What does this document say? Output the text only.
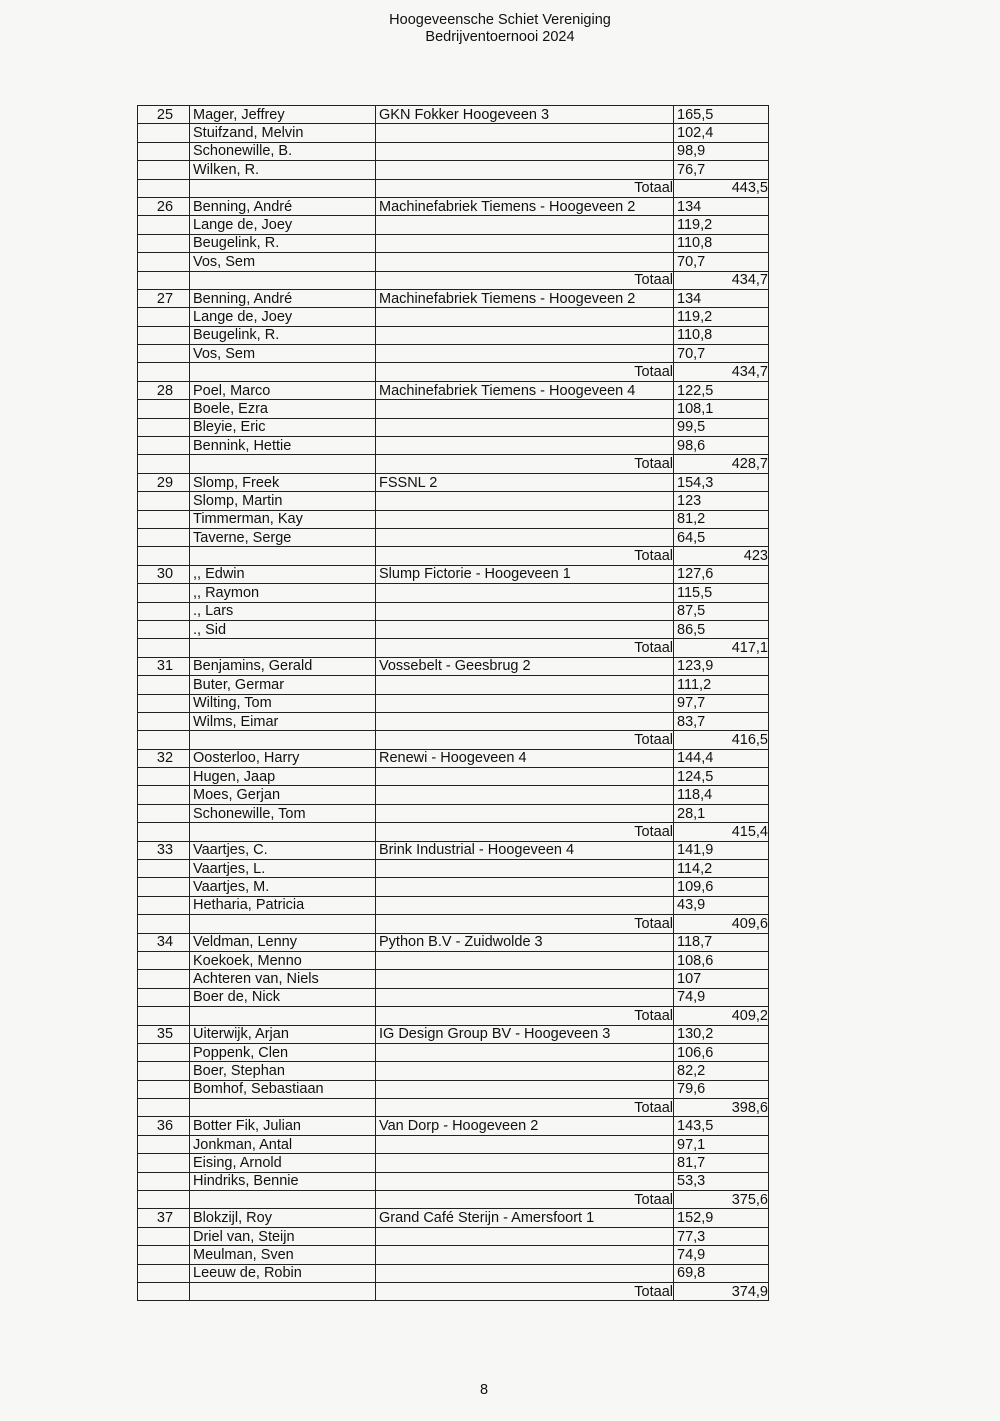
Hoogeveensche Schiet Vereniging
Bedrijventoernooi 2024
25	Mager, Jeffrey	GKN Fokker Hoogeveen 3	165,5
	Stuifzand, Melvin		102,4
	Schonewille, B.		98,9
	Wilken, R.		76,7
		Totaal	443,5
26	Benning, André	Machinefabriek Tiemens - Hoogeveen 2	134
	Lange de, Joey		119,2
	Beugelink, R.		110,8
	Vos, Sem		70,7
		Totaal	434,7
27	Benning, André	Machinefabriek Tiemens - Hoogeveen 2	134
	Lange de, Joey		119,2
	Beugelink, R.		110,8
	Vos, Sem		70,7
		Totaal	434,7
28	Poel, Marco	Machinefabriek Tiemens - Hoogeveen 4	122,5
	Boele, Ezra		108,1
	Bleyie, Eric		99,5
	Bennink, Hettie		98,6
		Totaal	428,7
29	Slomp, Freek	FSSNL 2	154,3
	Slomp, Martin		123
	Timmerman, Kay		81,2
	Taverne, Serge		64,5
		Totaal	423
30	,, Edwin	Slump Fictorie - Hoogeveen 1	127,6
	,, Raymon		115,5
	., Lars		87,5
	., Sid		86,5
		Totaal	417,1
31	Benjamins, Gerald	Vossebelt - Geesbrug 2	123,9
	Buter, Germar		111,2
	Wilting, Tom		97,7
	Wilms, Eimar		83,7
		Totaal	416,5
32	Oosterloo, Harry	Renewi - Hoogeveen 4	144,4
	Hugen, Jaap		124,5
	Moes, Gerjan		118,4
	Schonewille, Tom		28,1
		Totaal	415,4
33	Vaartjes, C.	Brink Industrial - Hoogeveen 4	141,9
	Vaartjes, L.		114,2
	Vaartjes, M.		109,6
	Hetharia, Patricia		43,9
		Totaal	409,6
34	Veldman, Lenny	Python B.V - Zuidwolde 3	118,7
	Koekoek, Menno		108,6
	Achteren van, Niels		107
	Boer de, Nick		74,9
		Totaal	409,2
35	Uiterwijk, Arjan	IG Design Group BV - Hoogeveen 3	130,2
	Poppenk, Clen		106,6
	Boer, Stephan		82,2
	Bomhof, Sebastiaan		79,6
		Totaal	398,6
36	Botter Fik, Julian	Van Dorp - Hoogeveen 2	143,5
	Jonkman, Antal		97,1
	Eising, Arnold		81,7
	Hindriks, Bennie		53,3
		Totaal	375,6
37	Blokzijl, Roy	Grand Café Sterijn - Amersfoort 1	152,9
	Driel van, Steijn		77,3
	Meulman, Sven		74,9
	Leeuw de, Robin		69,8
		Totaal	374,9
8
